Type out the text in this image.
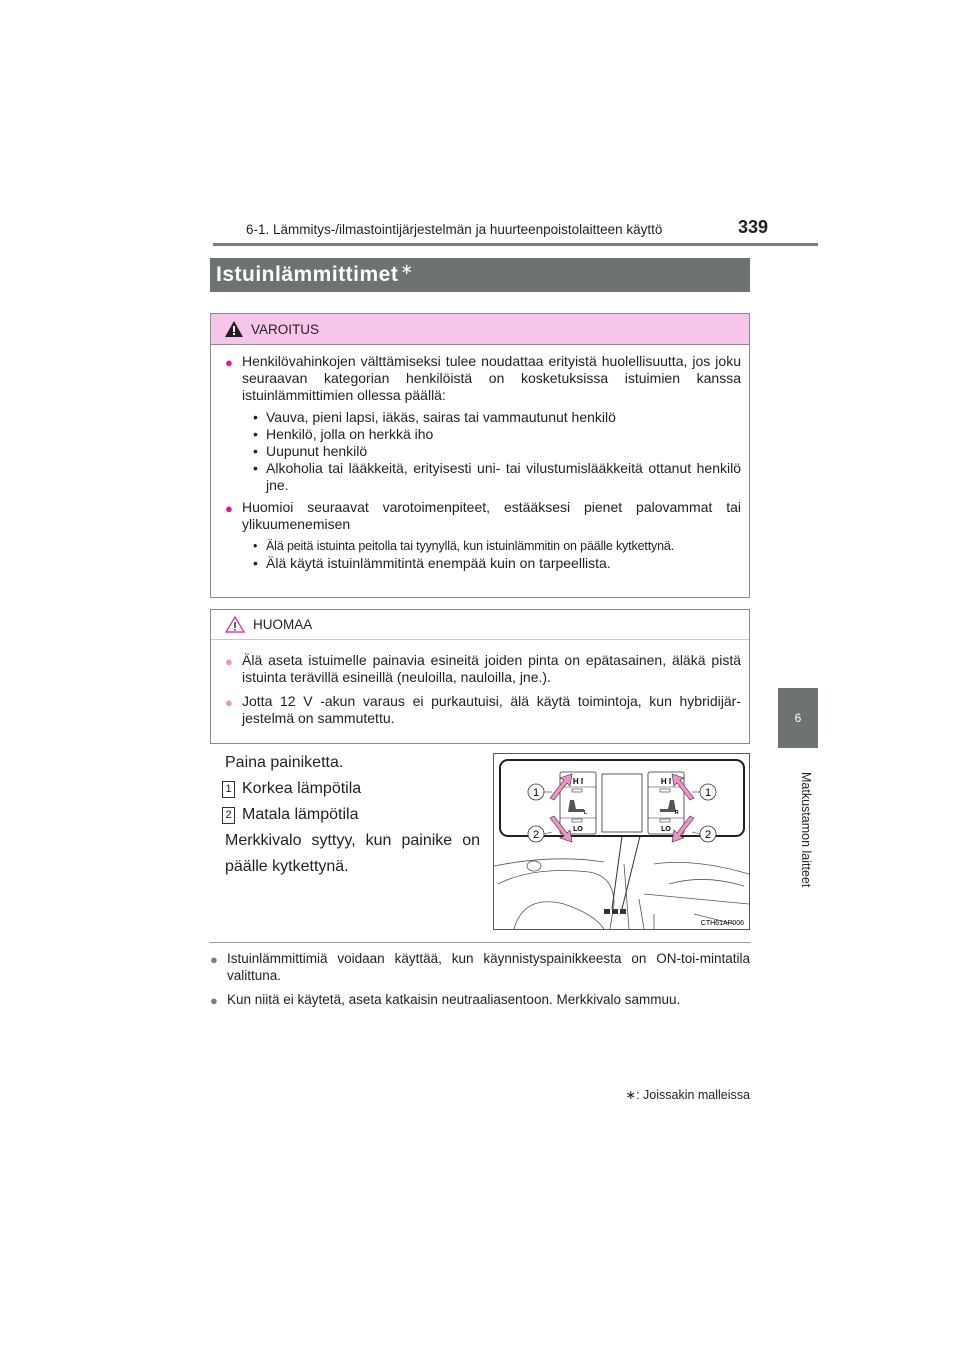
6-1. Lämmitys-/ilmastointijärjestelmän ja huurteenpoistolaitteen käyttö	339
6
Matkustamon laitteet
Istuinlämmittimet∗
VAROITUS
● Henkilövahinkojen välttämiseksi tulee noudattaa erityistä huolellisuutta, jos joku seuraavan kategorian henkilöistä on kosketuksissa istuimien kanssa istuinlämmittimien ollessa päällä:
• Vauva, pieni lapsi, iäkäs, sairas tai vammautunut henkilö
• Henkilö, jolla on herkkä iho
• Uupunut henkilö
• Alkoholia tai lääkkeitä, erityisesti uni- tai vilustumislääkkeitä ottanut henkilö jne.
● Huomioi seuraavat varotoimenpiteet, estääksesi pienet palovammat tai ylikuumenemisen
• Älä peitä istuinta peitolla tai tyynyllä, kun istuinlämmitin on päälle kytkettynä.
• Älä käytä istuinlämmitintä enempää kuin on tarpeellista.
HUOMAA
● Älä aseta istuimelle painavia esineitä joiden pinta on epätasainen, äläkä pistä istuinta terävillä esineillä (neuloilla, nauloilla, jne.).
● Jotta 12 V -akun varaus ei purkautuisi, älä käytä toimintoja, kun hybridijär-jestelmä on sammutettu.
Paina painiketta.
1 Korkea lämpötila
2 Matala lämpötila
Merkkivalo syttyy, kun painike on päälle kytkettynä.
1
2
1
2
H I
LO
H I
LO
L	R
CTH61AP006
● Istuinlämmittimiä voidaan käyttää, kun käynnistyspainikkeesta on ON-toi-mintatila valittuna.
● Kun niitä ei käytetä, aseta katkaisin neutraaliasentoon. Merkkivalo sammuu.
∗: Joissakin malleissa
